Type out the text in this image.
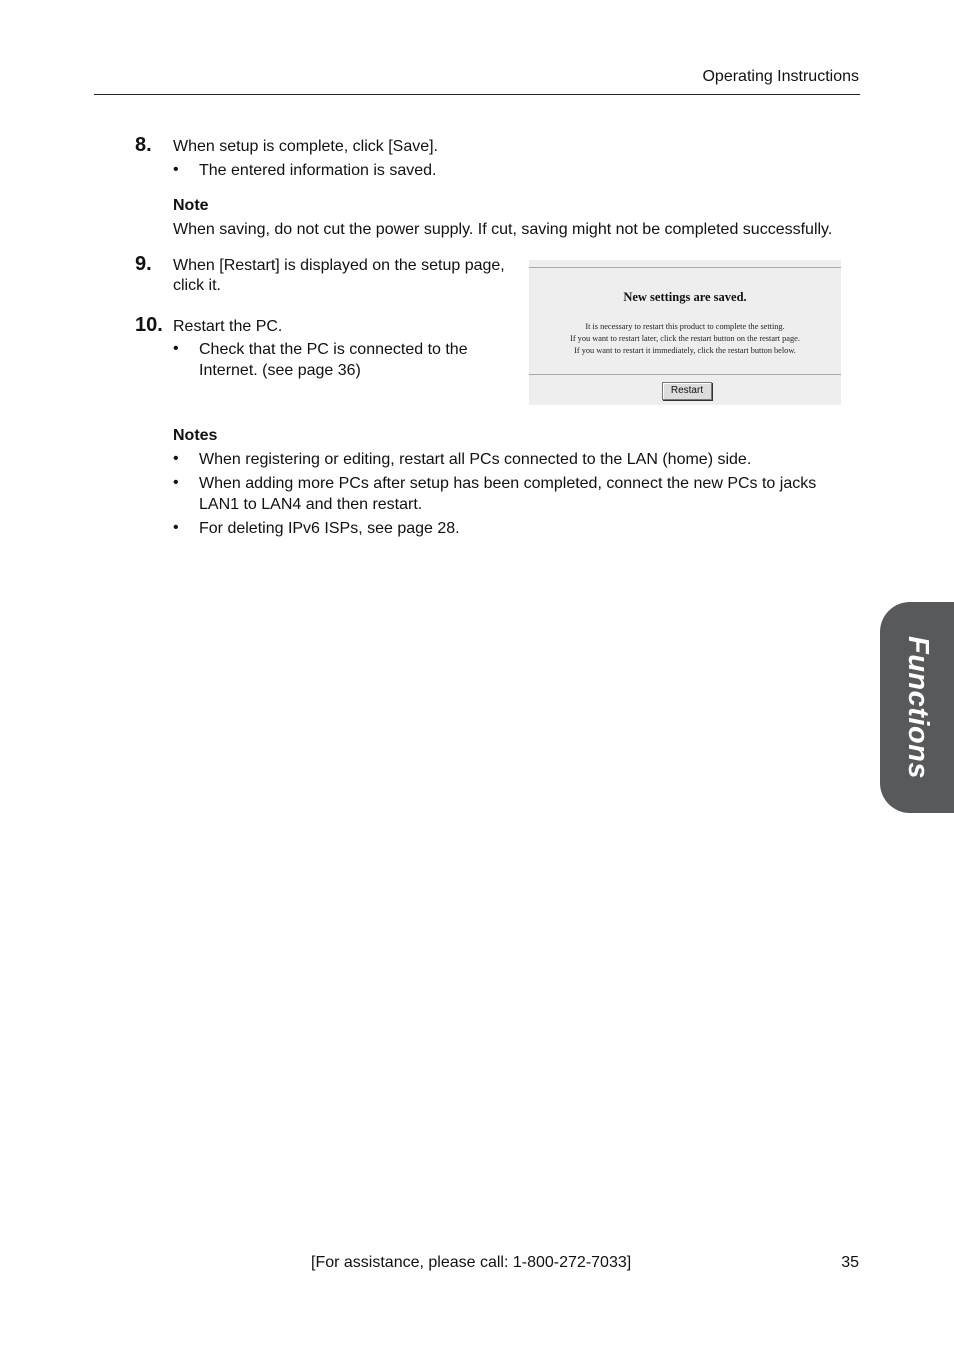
Operating Instructions
8. When setup is complete, click [Save].
• The entered information is saved.
Note
When saving, do not cut the power supply. If cut, saving might not be completed successfully.
9. When [Restart] is displayed on the setup page,
click it.
10. Restart the PC.
• Check that the PC is connected to the
Internet. (see page 36)
New settings are saved.
It is necessary to restart this product to complete the setting.
If you want to restart later, click the restart button on the restart page.
If you want to restart it immediately, click the restart button below.
Restart
Notes
• When registering or editing, restart all PCs connected to the LAN (home) side.
• When adding more PCs after setup has been completed, connect the new PCs to jacks
LAN1 to LAN4 and then restart.
• For deleting IPv6 ISPs, see page 28.
Functions
[For assistance, please call: 1-800-272-7033]	35
